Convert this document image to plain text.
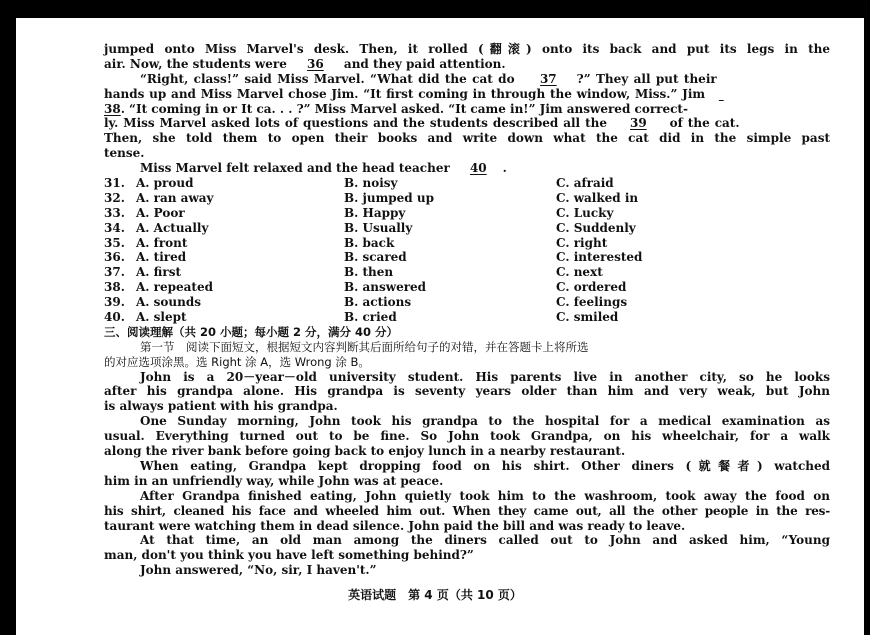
jumped onto Miss Marvel's desk. Then, it rolled (翻滚) onto its back and put its legs in the
air. Now, the students were 36 and they paid attention.
“Right, class!” said Miss Marvel. “What did the cat do 37 ?” They all put their
hands up and Miss Marvel chose Jim. “It first coming in through the window, Miss.” Jim
38. “It coming in or It ca. . . ?” Miss Marvel asked. “It came in!” Jim answered correct-
ly. Miss Marvel asked lots of questions and the students described all the 39 of the cat.
Then, she told them to open their books and write down what the cat did in the simple past
tense.
Miss Marvel felt relaxed and the head teacher 40 .
31. A. proud	B. noisy	C. afraid
32. A. ran away	B. jumped up	C. walked in
33. A. Poor	B. Happy	C. Lucky
34. A. Actually	B. Usually	C. Suddenly
35. A. front	B. back	C. right
36. A. tired	B. scared	C. interested
37. A. first	B. then	C. next
38. A. repeated	B. answered	C. ordered
39. A. sounds	B. actions	C. feelings
40. A. slept	B. cried	C. smiled
三、阅读理解（共 20 小题；每小题 2 分，满分 40 分）
第一节　阅读下面短文，根据短文内容判断其后面所给句子的对错，并在答题卡上将所选
的对应选项涂黑。选 Right 涂 A，选 Wrong 涂 B。
John is a 20－year－old university student. His parents live in another city, so he looks
after his grandpa alone. His grandpa is seventy years older than him and very weak, but John
is always patient with his grandpa.
One Sunday morning, John took his grandpa to the hospital for a medical examination as
usual. Everything turned out to be fine. So John took Grandpa, on his wheelchair, for a walk
along the river bank before going back to enjoy lunch in a nearby restaurant.
When eating, Grandpa kept dropping food on his shirt. Other diners (就餐者) watched
him in an unfriendly way, while John was at peace.
After Grandpa finished eating, John quietly took him to the washroom, took away the food on
his shirt, cleaned his face and wheeled him out. When they came out, all the other people in the res-
taurant were watching them in dead silence. John paid the bill and was ready to leave.
At that time, an old man among the diners called out to John and asked him, “Young
man, don't you think you have left something behind?”
John answered, “No, sir, I haven't.”
英语试题　第 4 页（共 10 页）
